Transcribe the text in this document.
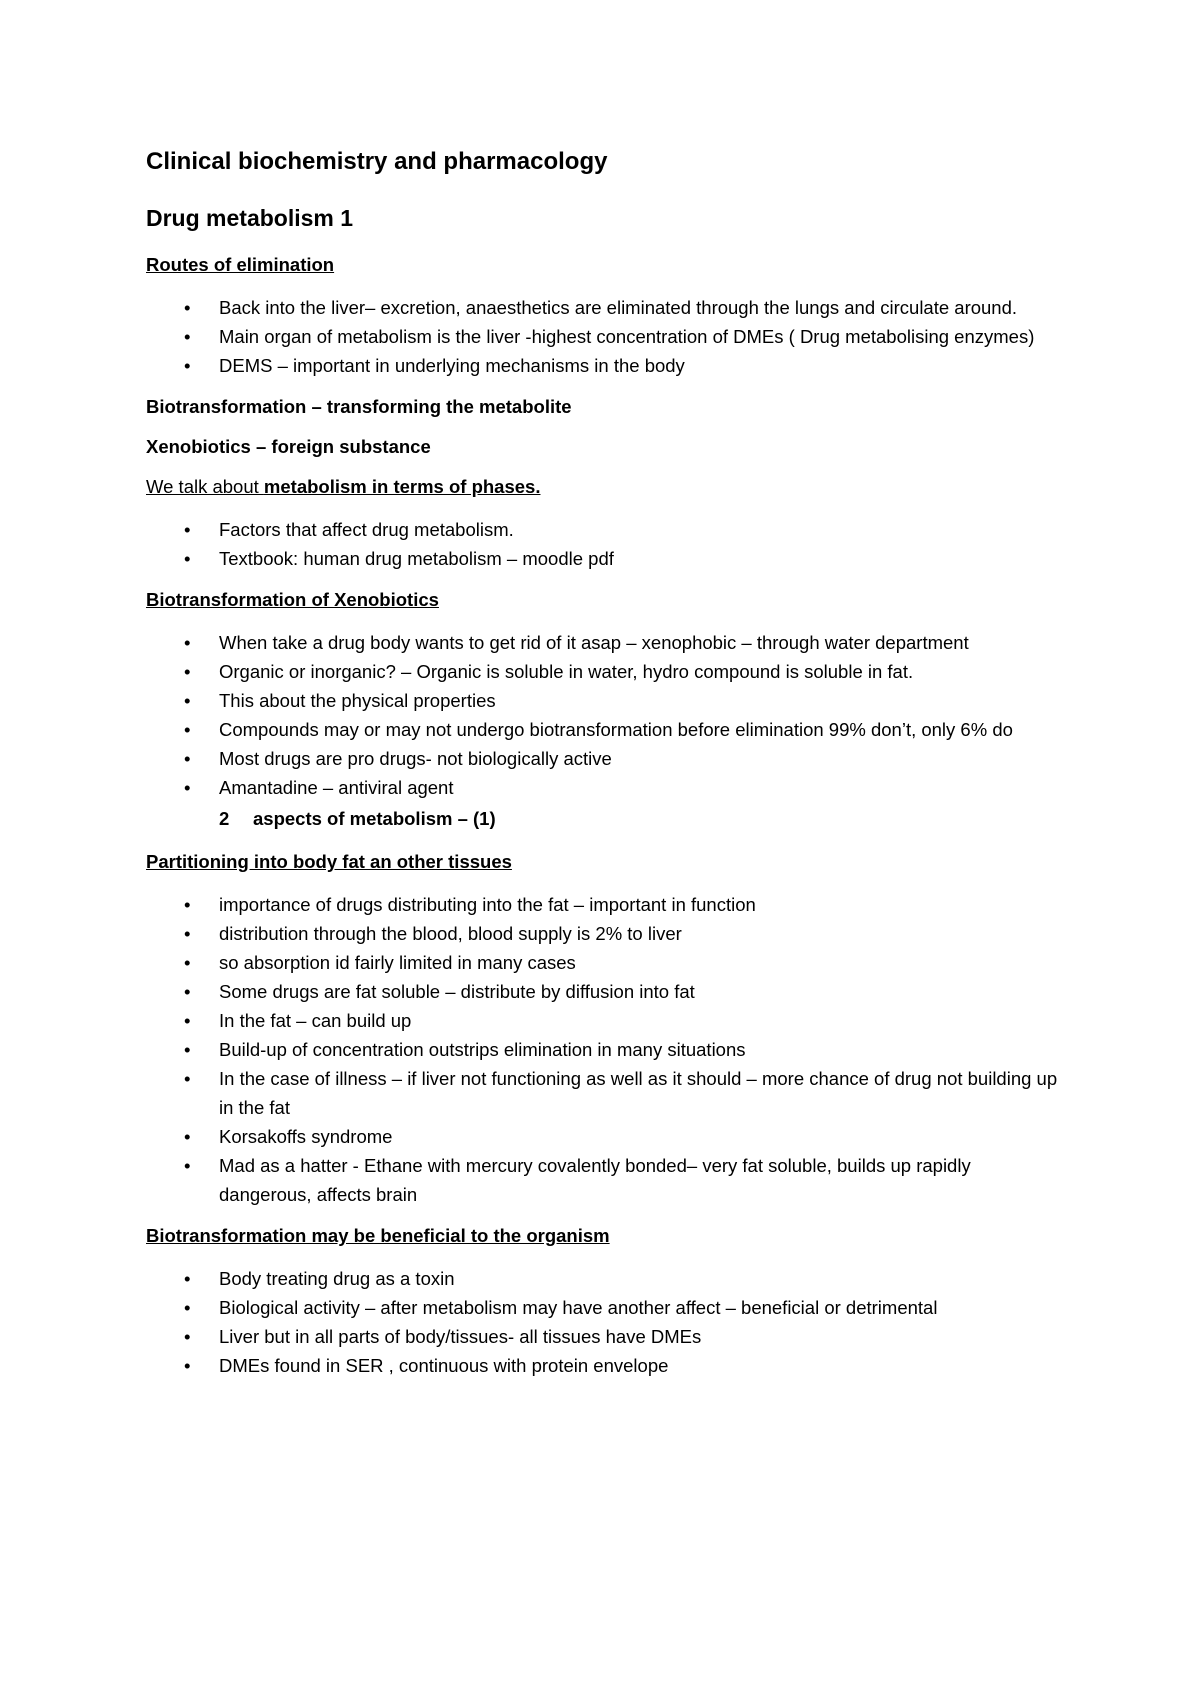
Clinical biochemistry and pharmacology
Drug metabolism 1

Routes of elimination

•	Back into the liver– excretion, anaesthetics are eliminated through the lungs and circulate around.
•	Main organ of metabolism is the liver -highest concentration of DMEs ( Drug metabolising enzymes)
•	DEMS – important in underlying mechanisms in the body

Biotransformation – transforming the metabolite

Xenobiotics – foreign substance

We talk about metabolism in terms of phases.

•	Factors that affect drug metabolism.
•	Textbook: human drug metabolism – moodle pdf

Biotransformation of Xenobiotics

•	When take a drug body wants to get rid of it asap – xenophobic – through water department
•	Organic or inorganic? – Organic is soluble in water, hydro compound is soluble in fat.
•	This about the physical properties
•	Compounds may or may not undergo biotransformation before elimination 99% don’t, only 6% do
•	Most drugs are pro drugs- not biologically active
•	Amantadine – antiviral agent
2 aspects of metabolism – (1)

Partitioning into body fat an other tissues

•	importance of drugs distributing into the fat – important in function
•	distribution through the blood, blood supply is 2% to liver
•	so absorption id fairly limited in many cases
•	Some drugs are fat soluble – distribute by diffusion into fat
•	In the fat – can build up
•	Build-up of concentration outstrips elimination in many situations
•	In the case of illness – if liver not functioning as well as it should – more chance of drug not building up in the fat
•	Korsakoffs syndrome
•	Mad as a hatter - Ethane with mercury covalently bonded– very fat soluble, builds up rapidly dangerous, affects brain

Biotransformation may be beneficial to the organism

•	Body treating drug as a toxin
•	Biological activity – after metabolism may have another affect – beneficial or detrimental
•	Liver but in all parts of body/tissues- all tissues have DMEs
•	DMEs found in SER , continuous with protein envelope
